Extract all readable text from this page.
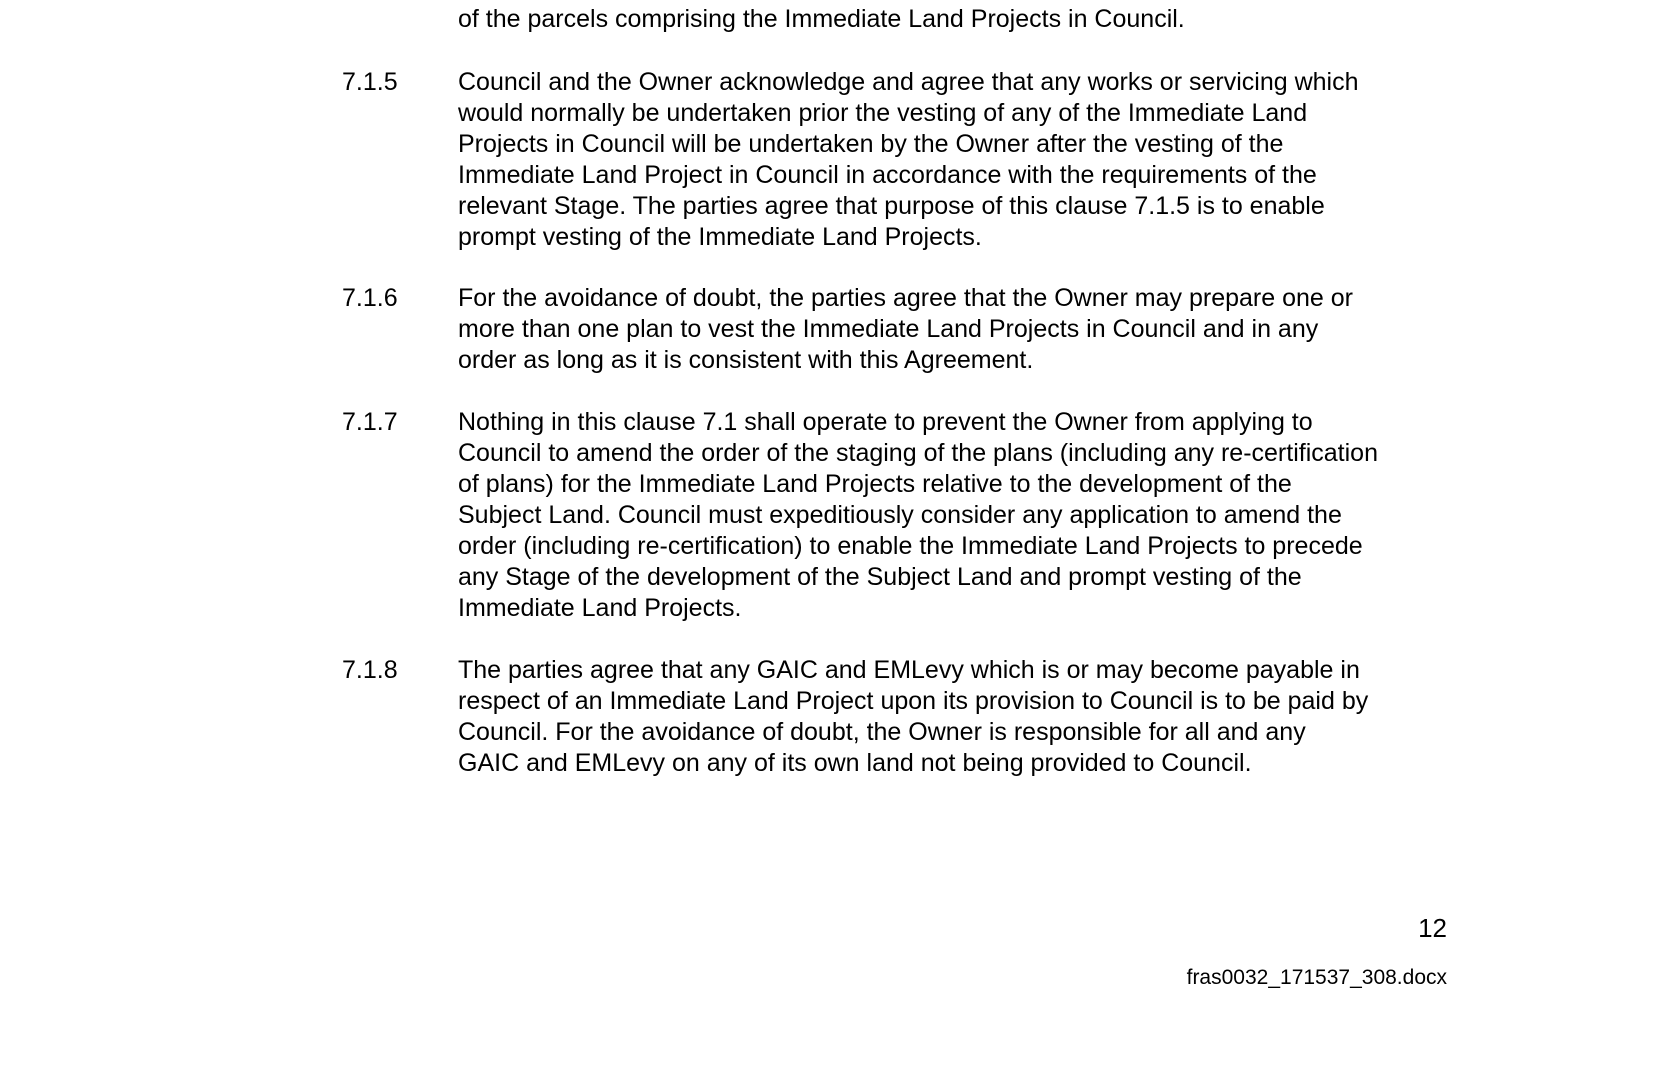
of the parcels comprising the Immediate Land Projects in Council.
7.1.5 Council and the Owner acknowledge and agree that any works or servicing which
would normally be undertaken prior the vesting of any of the Immediate Land
Projects in Council will be undertaken by the Owner after the vesting of the
Immediate Land Project in Council in accordance with the requirements of the
relevant Stage. The parties agree that purpose of this clause 7.1.5 is to enable
prompt vesting of the Immediate Land Projects.
7.1.6 For the avoidance of doubt, the parties agree that the Owner may prepare one or
more than one plan to vest the Immediate Land Projects in Council and in any
order as long as it is consistent with this Agreement.
7.1.7 Nothing in this clause 7.1 shall operate to prevent the Owner from applying to
Council to amend the order of the staging of the plans (including any re-certification
of plans) for the Immediate Land Projects relative to the development of the
Subject Land. Council must expeditiously consider any application to amend the
order (including re-certification) to enable the Immediate Land Projects to precede
any Stage of the development of the Subject Land and prompt vesting of the
Immediate Land Projects.
7.1.8 The parties agree that any GAIC and EMLevy which is or may become payable in
respect of an Immediate Land Project upon its provision to Council is to be paid by
Council. For the avoidance of doubt, the Owner is responsible for all and any
GAIC and EMLevy on any of its own land not being provided to Council.
12
fras0032_171537_308.docx
